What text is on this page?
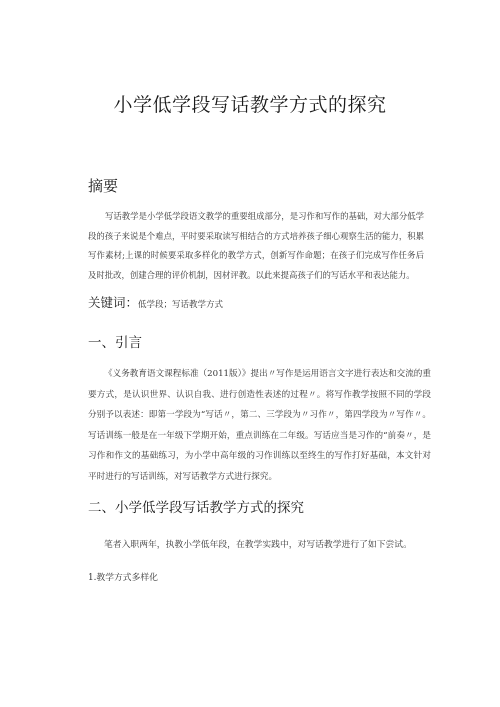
小学低学段写话教学方式的探究
摘要
写话教学是小学低学段语文教学的重要组成部分，是习作和写作的基础，对大部分低学段的孩子来说是个难点，平时要采取读写相结合的方式培养孩子细心观察生活的能力，积累写作素材;上课的时候要采取多样化的教学方式，创新写作命题；在孩子们完成写作任务后及时批改，创建合理的评价机制，因材评教。以此来提高孩子们的写话水平和表达能力。
关键词：低学段；写话教学方式
一、引言
《义务教育语文课程标准（2011版）》提出〃写作是运用语言文字进行表达和交流的重要方式，是认识世界、认识自我、进行创造性表述的过程〃。将写作教学按照不同的学段分别予以表述：即第一学段为“写话〃，第二、三学段为〃习作〃，第四学段为〃写作〃。写话训练一般是在一年级下学期开始，重点训练在二年级。写话应当是习作的“前奏〃，是习作和作文的基础练习，为小学中高年级的习作训练以至终生的写作打好基础，本文针对平时进行的写话训练，对写话教学方式进行探究。
二、小学低学段写话教学方式的探究
笔者入职两年，执教小学低年段，在教学实践中，对写话教学进行了如下尝试。
1.教学方式多样化
